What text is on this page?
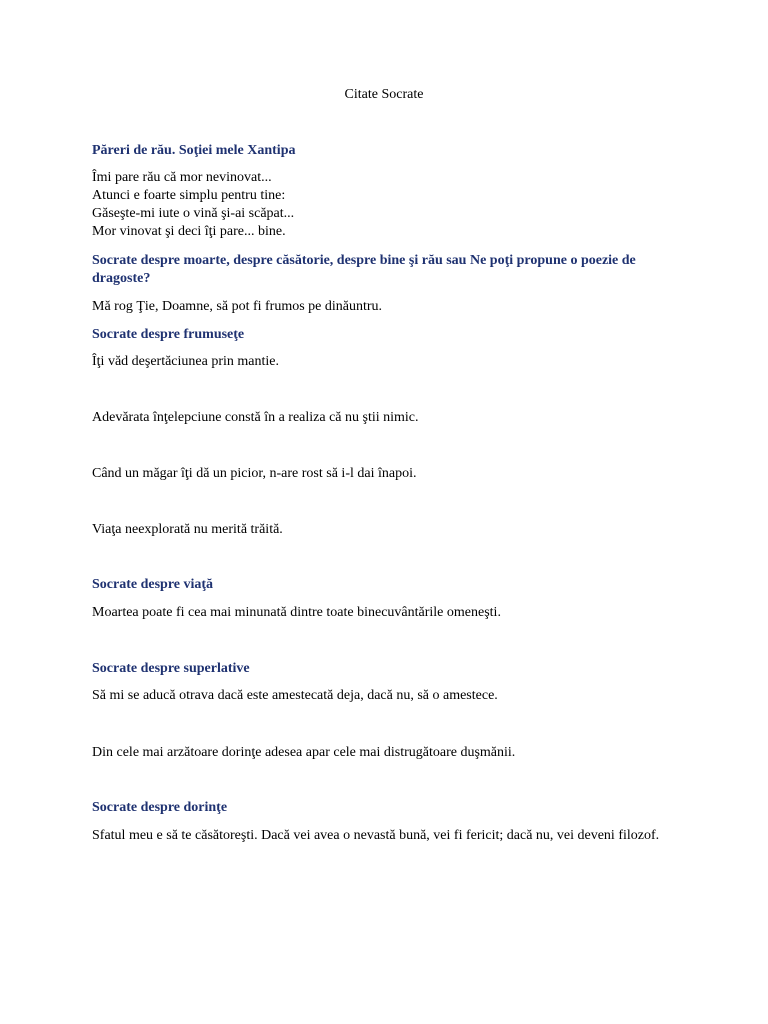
Citate Socrate

Păreri de rău. Soţiei mele Xantipa

Îmi pare rău că mor nevinovat...

Atunci e foarte simplu pentru tine:

Găseşte-mi iute o vină şi-ai scăpat...

Mor vinovat şi deci îţi pare... bine.

Socrate despre moarte, despre căsătorie, despre bine şi rău sau Ne poţi propune o poezie de dragoste?

Mă rog Ţie, Doamne, să pot fi frumos pe dinăuntru.

Socrate despre frumuseţe

Îţi văd deşertăciunea prin mantie.

Adevărata înţelepciune constă în a realiza că nu ştii nimic.

Când un măgar îţi dă un picior, n-are rost să i-l dai înapoi.

Viaţa neexplorată nu merită trăită.

Socrate despre viaţă

Moartea poate fi cea mai minunată dintre toate binecuvântările omeneşti.

Socrate despre superlative

Să mi se aducă otrava dacă este amestecată deja, dacă nu, să o amestece.

Din cele mai arzătoare dorinţe adesea apar cele mai distrugătoare duşmănii.

Socrate despre dorinţe

Sfatul meu e să te căsătoreşti. Dacă vei avea o nevastă bună, vei fi fericit; dacă nu, vei deveni filozof.
